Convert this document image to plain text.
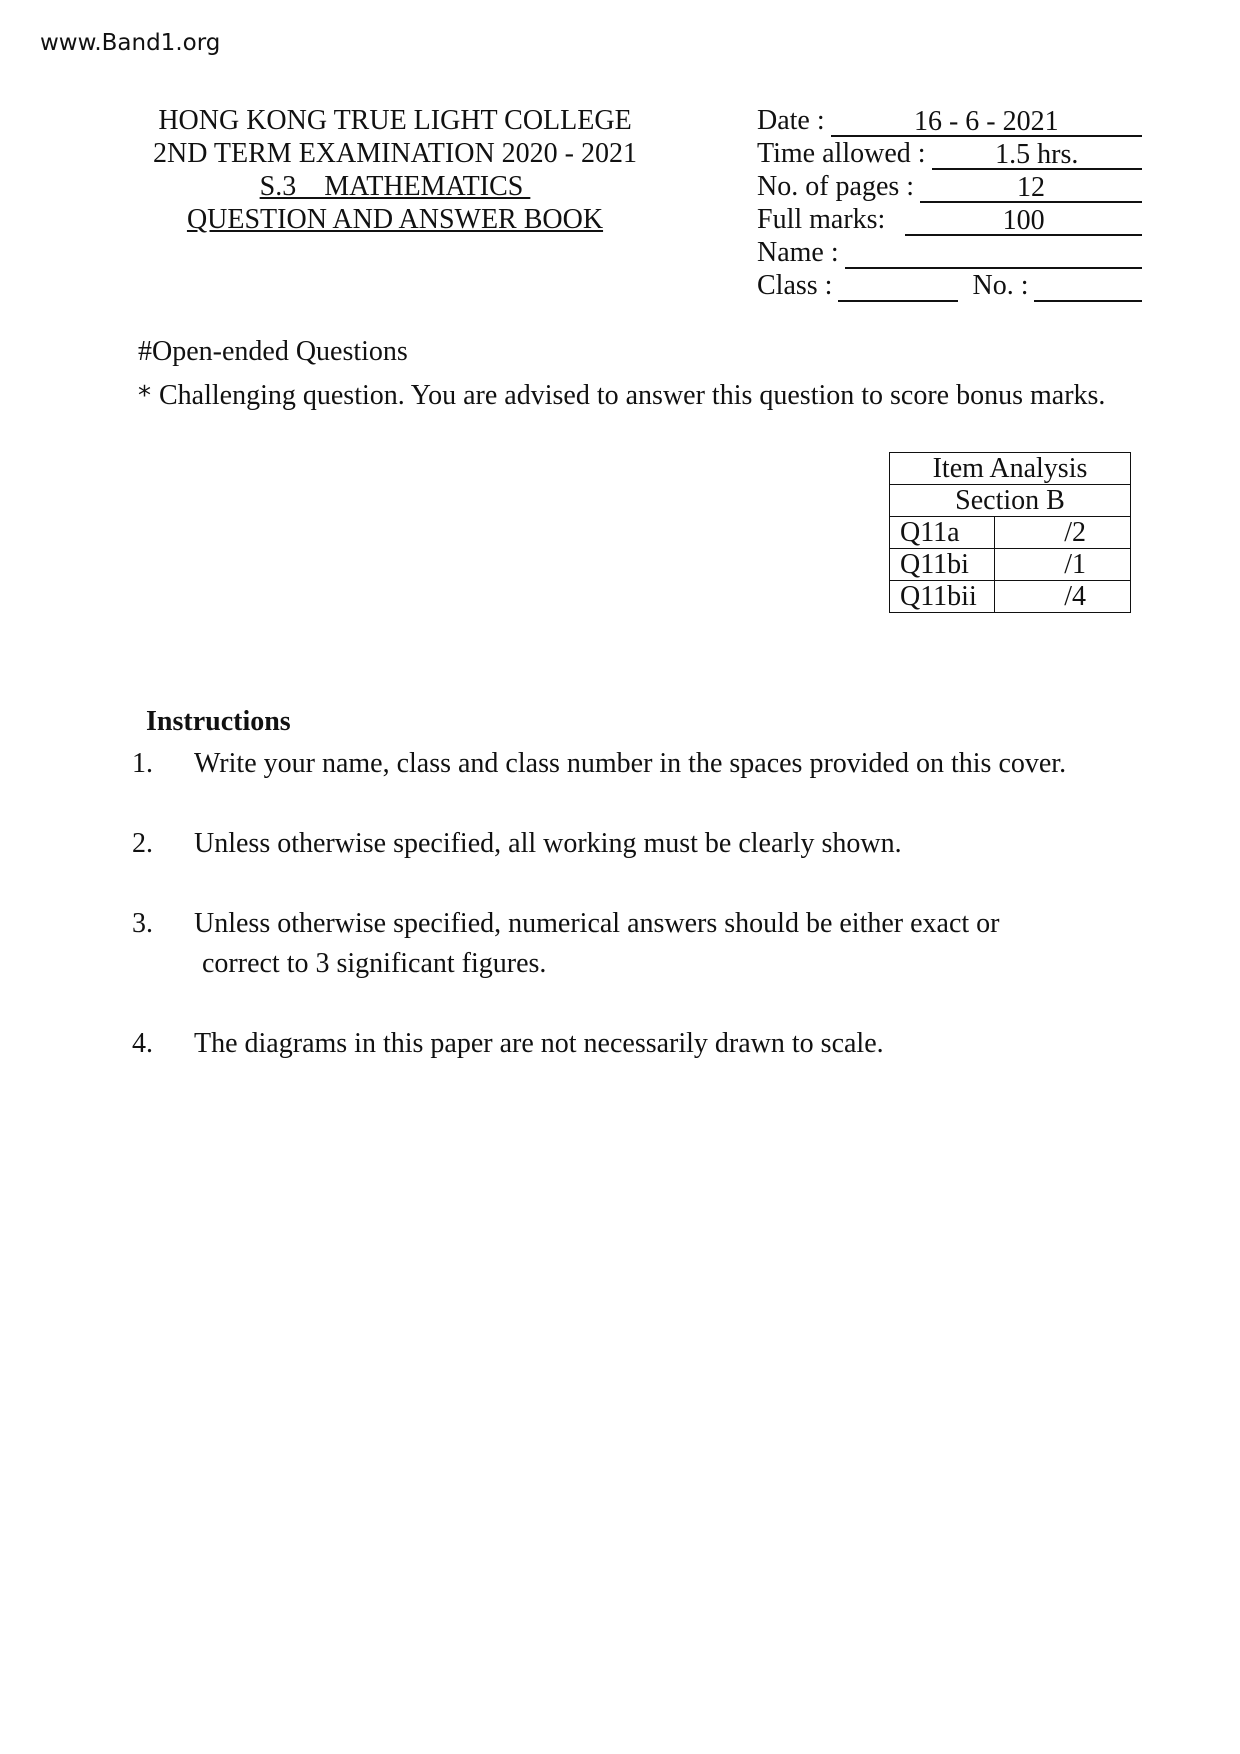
www.Band1.org
HONG KONG TRUE LIGHT COLLEGE
2ND TERM EXAMINATION 2020 - 2021
S.3    MATHEMATICS
QUESTION AND ANSWER BOOK
Date :	16 - 6 - 2021
Time allowed :	1.5 hrs.
No. of pages :	12
Full marks:	100
Name :
Class :	No. :
#Open-ended Questions
* Challenging question. You are advised to answer this question to score bonus marks.
Item Analysis	
Section B	
Q11a	/2
Q11bi	/1
Q11bii	/4
Instructions
1.	Write your name, class and class number in the spaces provided on this cover.
2.	Unless otherwise specified, all working must be clearly shown.
3.	Unless otherwise specified, numerical answers should be either exact or
correct to 3 significant figures.
4.	The diagrams in this paper are not necessarily drawn to scale.
